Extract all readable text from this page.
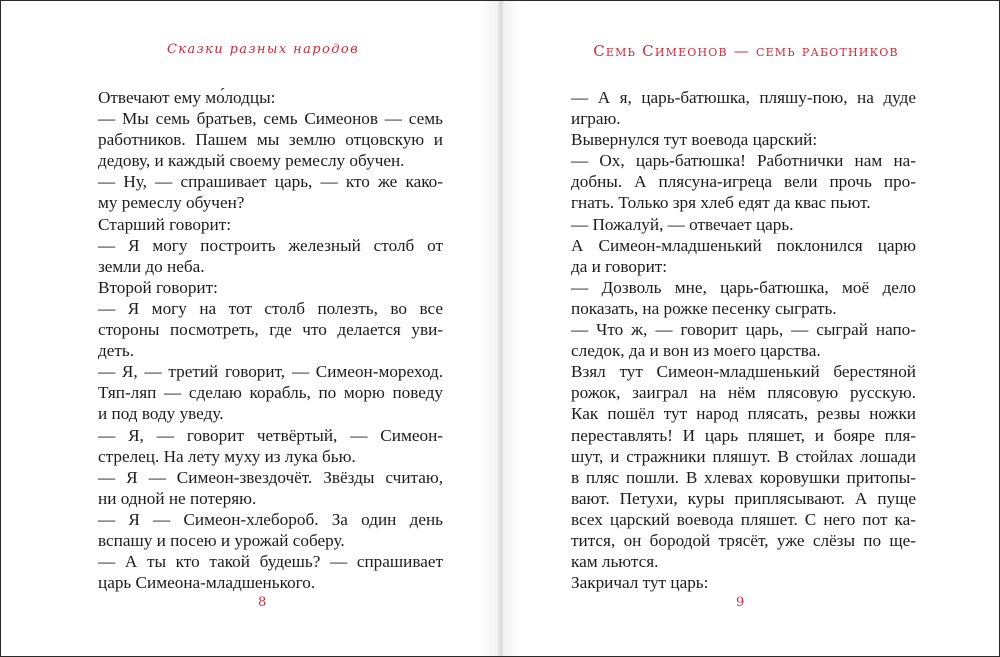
Сказки разных народов
Отвечают ему мо́лодцы:
— Мы семь братьев, семь Симеонов — семь
работников. Пашем мы землю отцовскую и
дедову, и каждый своему ремеслу обучен.
— Ну, — спрашивает царь, — кто же како-
му ремеслу обучен?
Старший говорит:
— Я могу построить железный столб от
земли до неба.
Второй говорит:
— Я могу на тот столб полезть, во все
стороны посмотреть, где что делается уви-
деть.
— Я, — третий говорит, — Симеон-мореход.
Тяп-ляп — сделаю корабль, по морю поведу
и под воду уведу.
— Я, — говорит четвёртый, — Симеон-
стрелец. На лету муху из лука бью.
— Я — Симеон-звездочёт. Звёзды считаю,
ни одной не потеряю.
— Я — Симеон-хлебороб. За один день
вспашу и посею и урожай соберу.
— А ты кто такой будешь? — спрашивает
царь Симеона-младшенького.
8
Семь Симеонов — семь работников
— А я, царь-батюшка, пляшу-пою, на дуде
играю.
Вывернулся тут воевода царский:
— Ох, царь-батюшка! Работнички нам на-
добны. А плясуна-игреца вели прочь про-
гнать. Только зря хлеб едят да квас пьют.
— Пожалуй, — отвечает царь.
А Симеон-младшенький поклонился царю
да и говорит:
— Дозволь мне, царь-батюшка, моё дело
показать, на рожке песенку сыграть.
— Что ж, — говорит царь, — сыграй напо-
следок, да и вон из моего царства.
Взял тут Симеон-младшенький берестяной
рожок, заиграл на нём плясовую русскую.
Как пошёл тут народ плясать, резвы ножки
переставлять! И царь пляшет, и бояре пля-
шут, и стражники пляшут. В стойлах лошади
в пляс пошли. В хлевах коровушки притопы-
вают. Петухи, куры приплясывают. А пуще
всех царский воевода пляшет. С него пот ка-
тится, он бородой трясёт, уже слёзы по ще-
кам льются.
Закричал тут царь:
9
